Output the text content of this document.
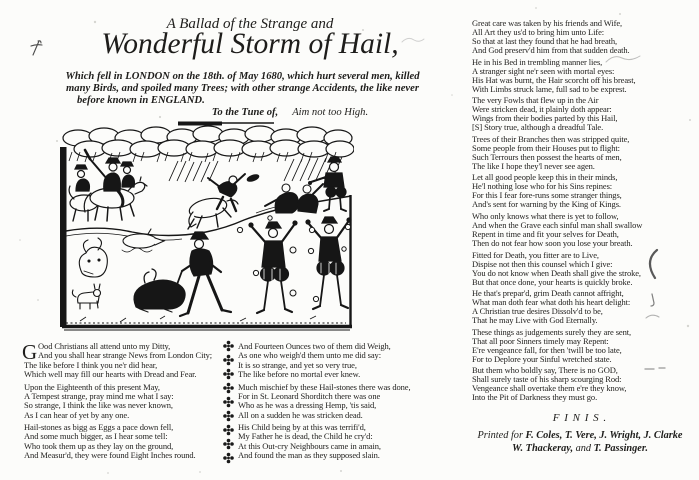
A Ballad of the Strange and
Wonderful Storm of Hail,
Which fell in LONDON on the 18th. of May 1680, which hurt several men, killed
many Birds, and spoiled many Trees; with other strange Accidents, the like never
before known in ENGLAND.
To the Tune of, Aim not too High.
G Ood Christians all attend unto my Ditty,
And you shall hear strange News from London City;
The like before I think you ne'r did hear,
Which well may fill our hearts with Dread and Fear.
Upon the Eighteenth of this present May,
A Tempest strange, pray mind me what I say:
So strange, I think the like was never known,
As I can hear of yet by any one.
Hail-stones as bigg as Eggs a pace down fell,
And some much bigger, as I hear some tell:
Who took them up as they lay on the ground,
And Measur'd, they were found Eight Inches round.
And Fourteen Ounces two of them did Weigh,
As one who weigh'd them unto me did say:
It is so strange, and yet so very true,
The like before no mortal ever knew.
Much mischief by these Hail-stones there was done,
For in St. Leonard Shorditch there was one
Who as he was a dressing Hemp, 'tis said,
All on a sudden he was stricken dead.
His Child being by at this was terrifi'd,
My Father he is dead, the Child he cry'd:
At this Out-cry Neighbours came in amain,
And found the man as they supposed slain.
Great care was taken by his friends and Wife,
All Art they us'd to bring him unto Life:
So that at last they found that he had breath,
And God preserv'd him from that sudden death.
He in his Bed in trembling manner lies,
A stranger sight ne'r seen with mortal eyes:
His Hat was burnt, the Hair scorcht off his breast,
With Limbs struck lame, full sad to be exprest.
The very Fowls that flew up in the Air
Were stricken dead, it plainly doth appear:
Wings from their bodies parted by this Hail,
[S] Story true, although a dreadful Tale.
Trees of their Branches then was stripped quite,
Some people from their Houses put to flight:
Such Terrours then possest the hearts of men,
The like I hope they'l never see agen.
Let all good people keep this in their minds,
He'l nothing lose who for his Sins repines:
For this I fear fore-runs some stranger things,
And's sent for warning by the King of Kings.
Who only knows what there is yet to follow,
And when the Grave each sinful man shall swallow
Repent in time and fit your selves for Death,
Then do not fear how soon you lose your breath.
Fitted for Death, you fitter are to Live,
Dispise not then this counsel which I give:
You do not know when Death shall give the stroke,
But that once done, your hearts is quickly broke.
He that's prepar'd, grim Death cannot affright,
What man doth fear what doth his heart delight:
A Christian true desires Dissolv'd to be,
That he may Live with God Eternally.
These things as judgements surely they are sent,
That all poor Sinners timely may Repent:
E're vengeance fall, for then 'twill be too late,
For to Deplore your Sinful wretched state.
But them who boldly say, There is no GOD,
Shall surely taste of his sharp scourging Rod:
Vengeance shall overtake them e're they know,
Into the Pit of Darkness they must go.
F I N I S .
Printed for F. Coles, T. Vere, J. Wright, J. Clarke
W. Thackeray, and T. Passinger.
